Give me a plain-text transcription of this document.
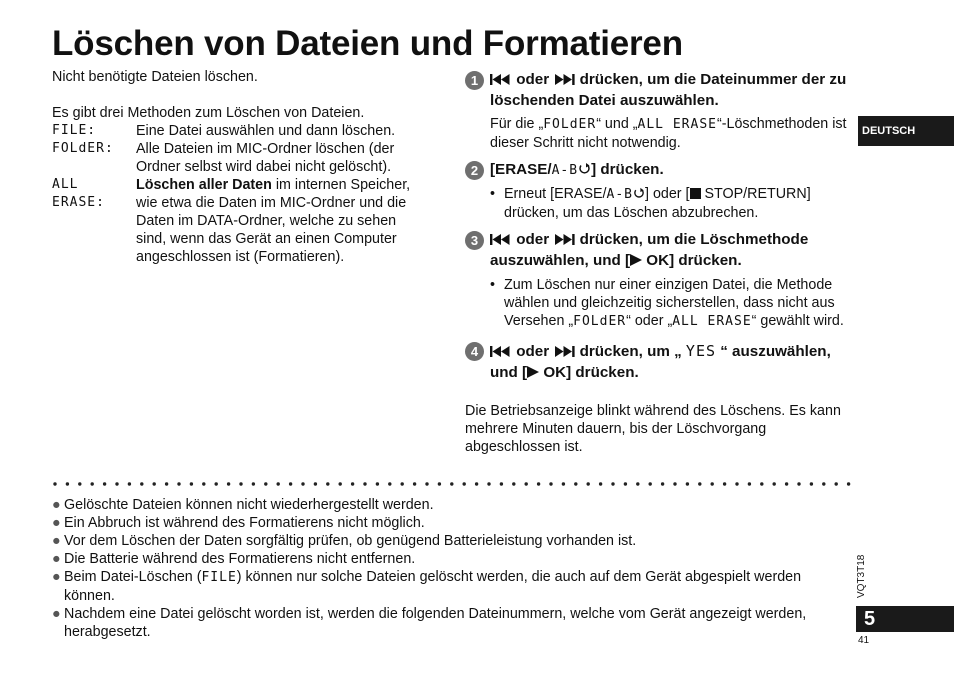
Löschen von Dateien und Formatieren

Nicht benötigte Dateien löschen.

Es gibt drei Methoden zum Löschen von Dateien.

FILE:	Eine Datei auswählen und dann löschen.
FOLdER:	Alle Dateien im MIC-Ordner löschen (der Ordner selbst wird dabei nicht gelöscht).
ALL ERASE:
Löschen aller Daten im internen Speicher, wie etwa die Daten im MIC-Ordner und die Daten im DATA-Ordner, welche zu sehen sind, wenn das Gerät an einen Computer angeschlossen ist (Formatieren).
1	oder  drücken, um die Dateinummer der zu löschenden Datei auszuwählen.
Für die „FOLdER“ und „ALL ERASE“-Löschmethoden ist dieser Schritt nicht notwendig.
2 [ERASE/A-B ] drücken.
• Erneut [ERASE/A-B ] oder [ STOP/RETURN] drücken, um das Löschen abzubrechen.
3	oder  drücken, um die Löschmethode auszuwählen, und [ OK] drücken.
• Zum Löschen nur einer einzigen Datei, die Methode wählen und gleichzeitig sicherstellen, dass nicht aus Versehen „FOLdER“ oder „ALL ERASE“ gewählt wird.
4	oder  drücken, um „ YES “ auszuwählen, und [ OK] drücken.

Die Betriebsanzeige blinkt während des Löschens. Es kann mehrere Minuten dauern, bis der Löschvorgang abgeschlossen ist.

DEUTSCH
● Gelöschte Dateien können nicht wiederhergestellt werden.
● Ein Abbruch ist während des Formatierens nicht möglich.
● Vor dem Löschen der Daten sorgfältig prüfen, ob genügend Batterieleistung vorhanden ist.
● Die Batterie während des Formatierens nicht entfernen.
● Beim Datei-Löschen (FILE) können nur solche Dateien gelöscht werden, die auch auf dem Gerät abgespielt werden können.
● Nachdem eine Datei gelöscht worden ist, werden die folgenden Dateinummern, welche vom Gerät angezeigt werden, herabgesetzt.
VQT3T18
5
41
